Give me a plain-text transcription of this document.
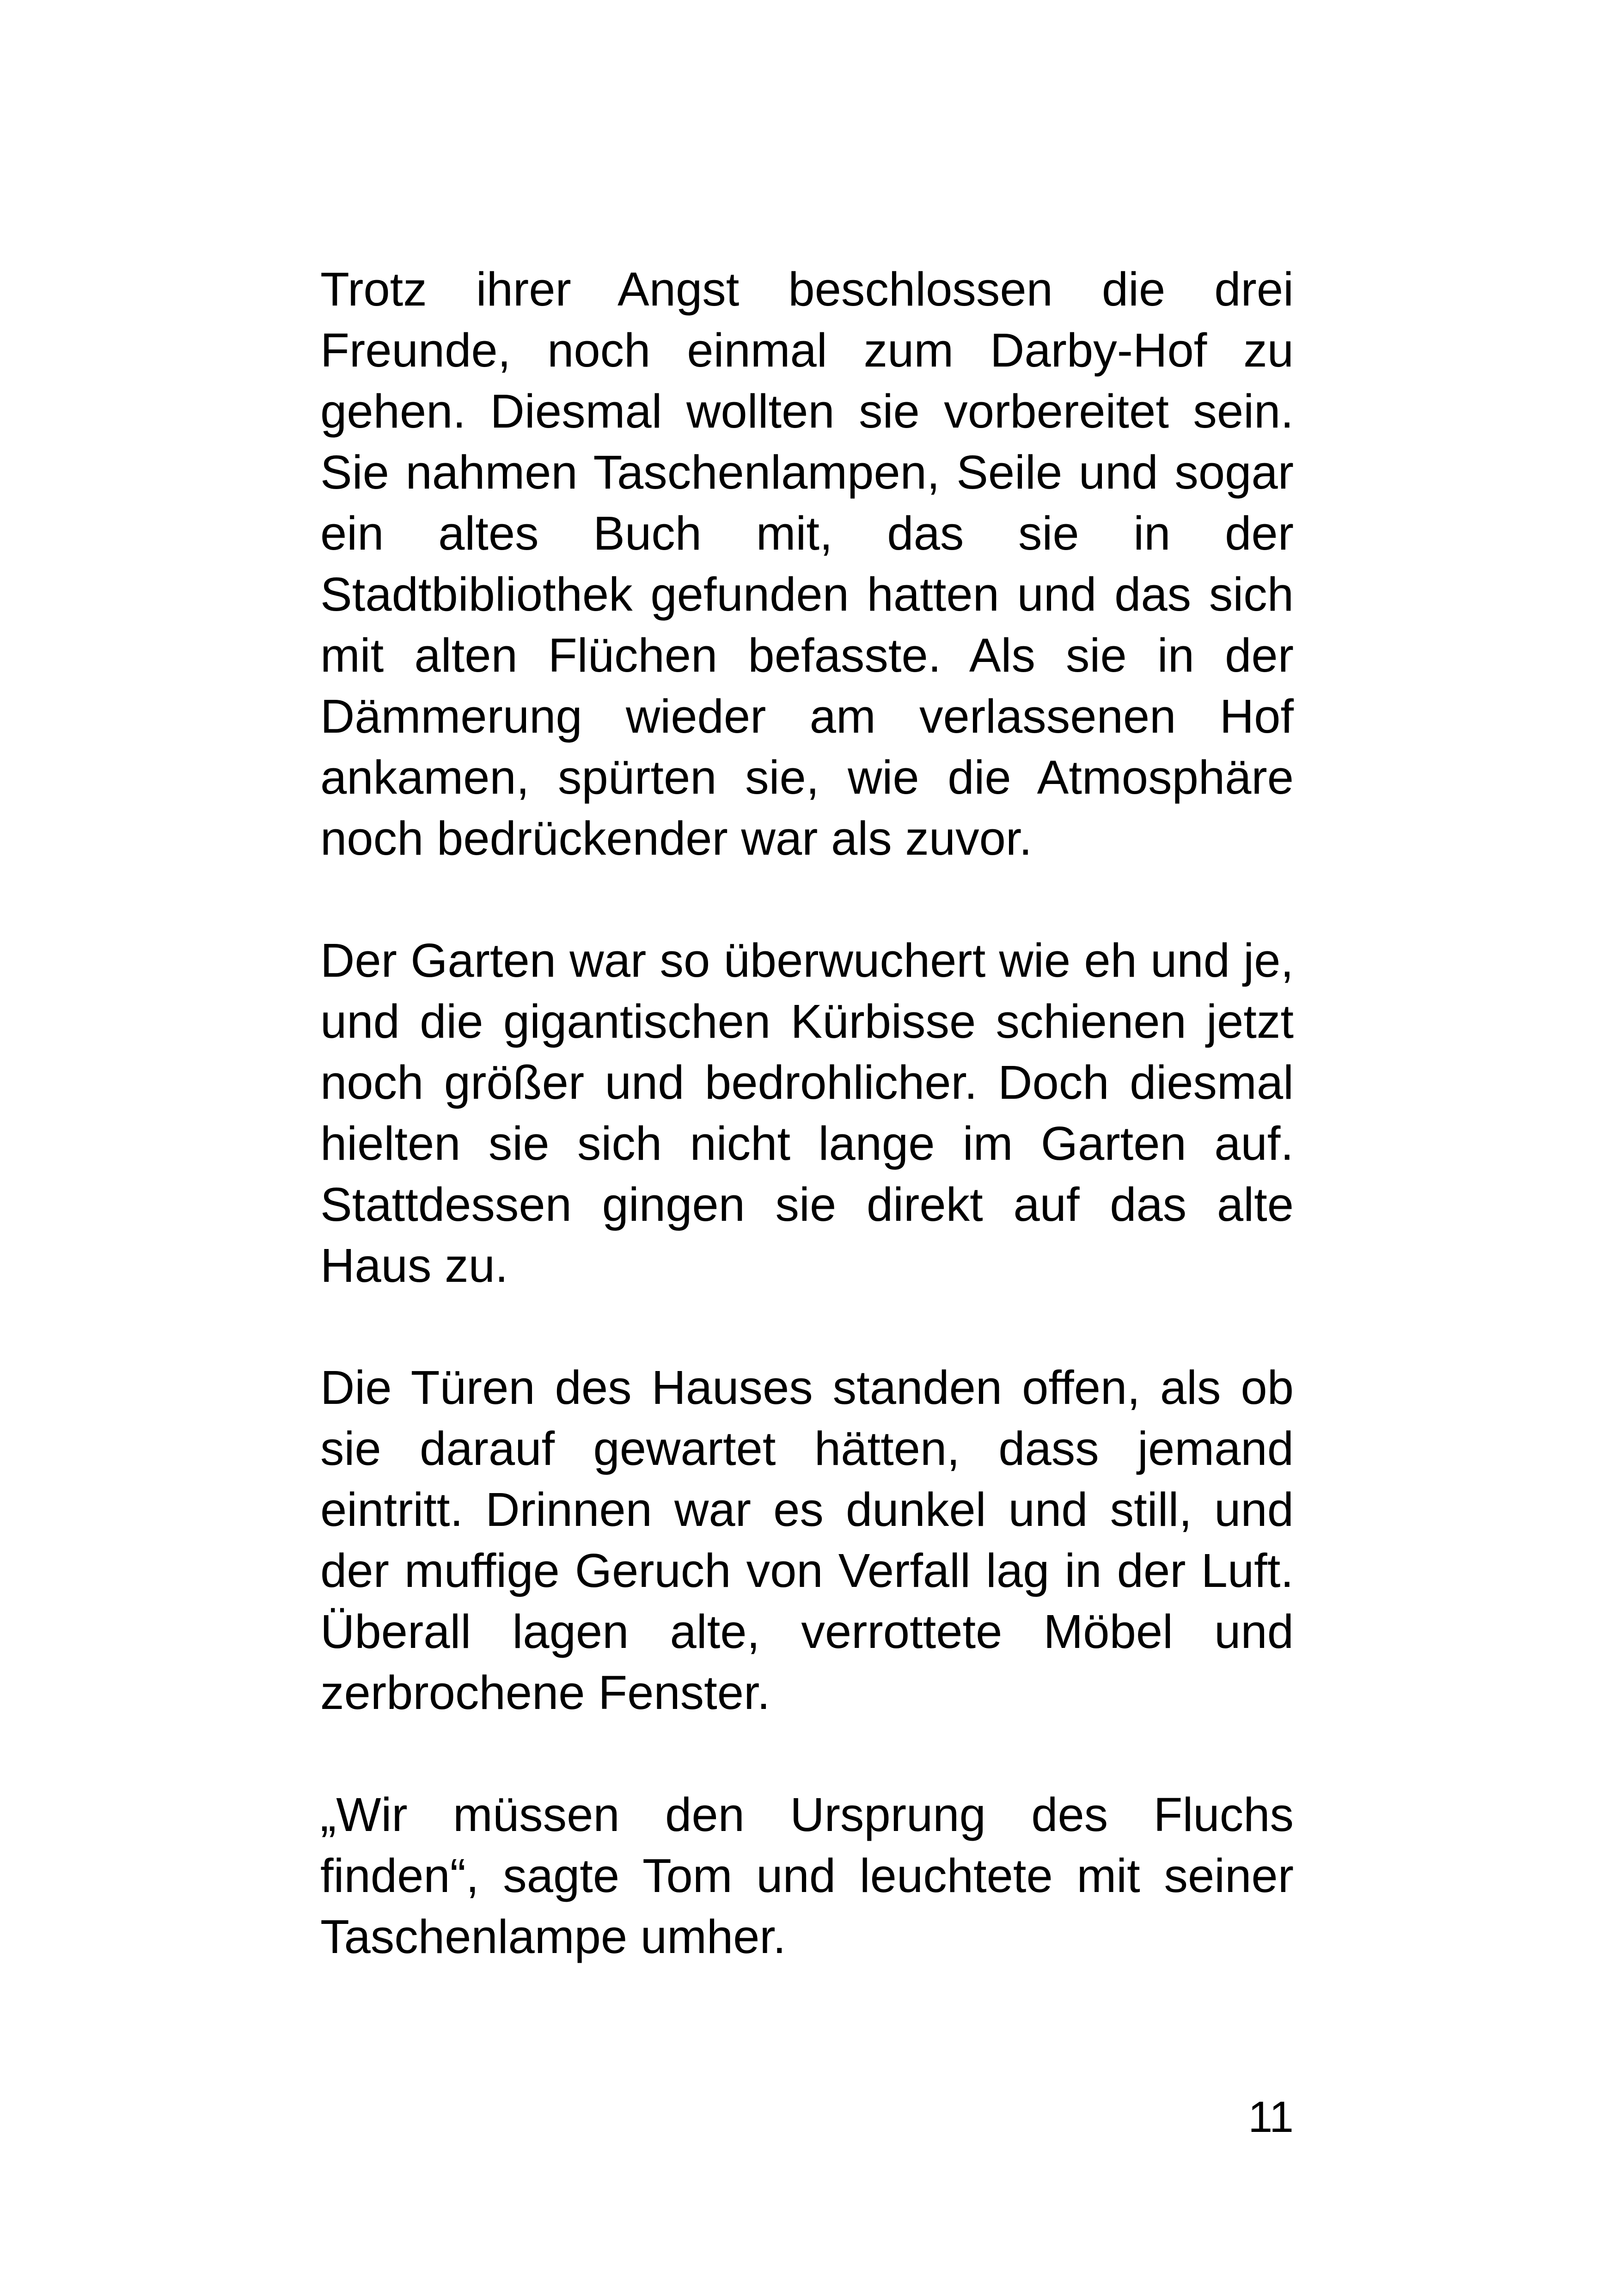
Trotz ihrer Angst beschlossen die drei Freunde, noch einmal zum Darby-Hof zu gehen. Diesmal wollten sie vorbereitet sein. Sie nahmen Taschenlampen, Seile und sogar ein altes Buch mit, das sie in der Stadtbibliothek gefunden hatten und das sich mit alten Flüchen befasste. Als sie in der Dämmerung wieder am verlassenen Hof ankamen, spürten sie, wie die Atmosphäre noch bedrückender war als zuvor.

Der Garten war so überwuchert wie eh und je, und die gigantischen Kürbisse schienen jetzt noch größer und bedrohlicher. Doch diesmal hielten sie sich nicht lange im Garten auf. Stattdessen gingen sie direkt auf das alte Haus zu.

Die Türen des Hauses standen offen, als ob sie darauf gewartet hätten, dass jemand eintritt. Drinnen war es dunkel und still, und der muffige Geruch von Verfall lag in der Luft. Überall lagen alte, verrottete Möbel und zerbrochene Fenster.

„Wir müssen den Ursprung des Fluchs finden“, sagte Tom und leuchtete mit seiner Taschenlampe umher.

11
